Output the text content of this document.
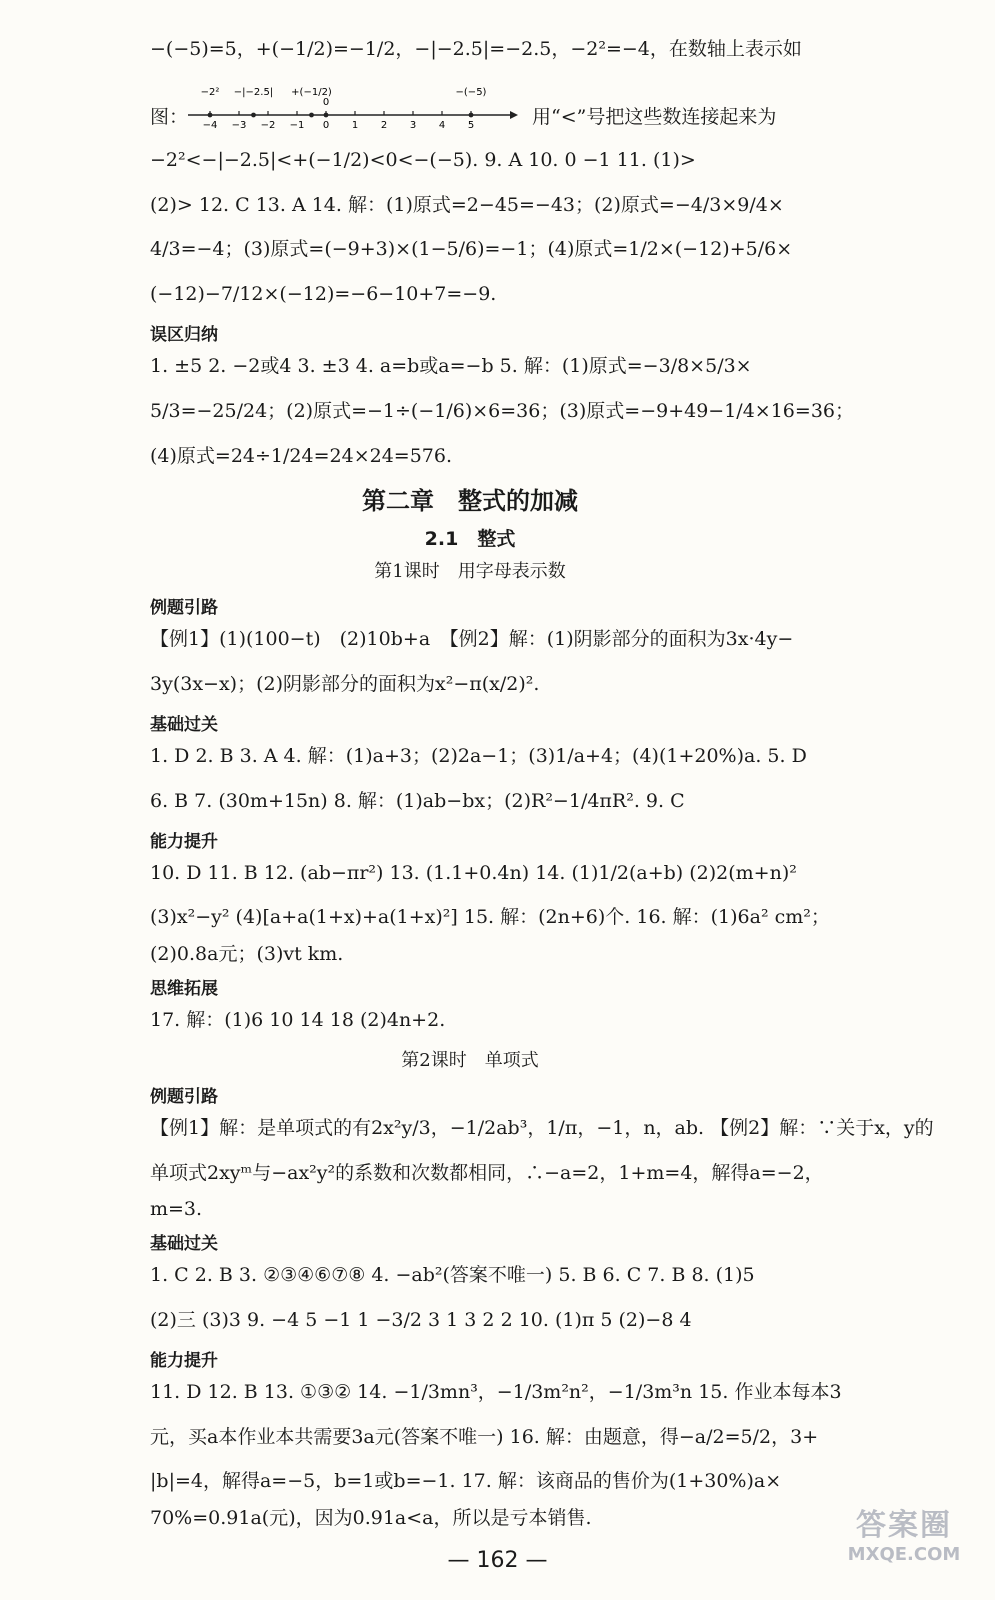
−(−5)=5，+(−1/2)=−1/2，−|−2.5|=−2.5，−2²=−4，在数轴上表示如

图： −4 −3 −2 −1 0 1 2 3 4 5
−2² −|−2.5| +(−1/2)
0
−(−5)
用“<”号把这些数连接起来为

−2²<−|−2.5|<+(−1/2)<0<−(−5). 9. A 10. 0 −1 11. (1)>

(2)> 12. C 13. A 14. 解：(1)原式=2−45=−43；(2)原式=−4/3×9/4×

4/3=−4；(3)原式=(−9+3)×(1−5/6)=−1；(4)原式=1/2×(−12)+5/6×

(−12)−7/12×(−12)=−6−10+7=−9.

误区归纳

1. ±5 2. −2或4 3. ±3 4. a=b或a=−b 5. 解：(1)原式=−3/8×5/3×

5/3=−25/24；(2)原式=−1÷(−1/6)×6=36；(3)原式=−9+49−1/4×16=36；

(4)原式=24÷1/24=24×24=576.

第二章　整式的加减

2.1　整式

第1课时　用字母表示数

例题引路

【例1】(1)(100−t)　(2)10b+a　【例2】解：(1)阴影部分的面积为3x·4y−

3y(3x−x)；(2)阴影部分的面积为x²−π(x/2)².

基础过关

1. D 2. B 3. A 4. 解：(1)a+3；(2)2a−1；(3)1/a+4；(4)(1+20%)a. 5. D

6. B 7. (30m+15n) 8. 解：(1)ab−bx；(2)R²−1/4πR². 9. C

能力提升

10. D 11. B 12. (ab−πr²) 13. (1.1+0.4n) 14. (1)1/2(a+b) (2)2(m+n)²

(3)x²−y² (4)[a+a(1+x)+a(1+x)²] 15. 解：(2n+6)个. 16. 解：(1)6a² cm²；

(2)0.8a元；(3)vt km.

思维拓展

17. 解：(1)6 10 14 18 (2)4n+2.

第2课时　单项式

例题引路

【例1】解：是单项式的有2x²y/3，−1/2ab³，1/π，−1，n，ab. 【例2】解：∵关于x，y的

单项式2xyᵐ与−ax²y²的系数和次数都相同，∴−a=2，1+m=4，解得a=−2，

m=3.

基础过关

1. C 2. B 3. ②③④⑥⑦⑧ 4. −ab²(答案不唯一) 5. B 6. C 7. B 8. (1)5

(2)三 (3)3 9. −4 5 −1 1 −3/2 3 1 3 2 2 10. (1)π 5 (2)−8 4

能力提升

11. D 12. B 13. ①③② 14. −1/3mn³，−1/3m²n²，−1/3m³n 15. 作业本每本3

元，买a本作业本共需要3a元(答案不唯一) 16. 解：由题意，得−a/2=5/2，3+

|b|=4，解得a=−5，b=1或b=−1. 17. 解：该商品的售价为(1+30%)a×

70%=0.91a(元)，因为0.91a<a，所以是亏本销售.

— 162 —
答案圈
MXQE.COM
